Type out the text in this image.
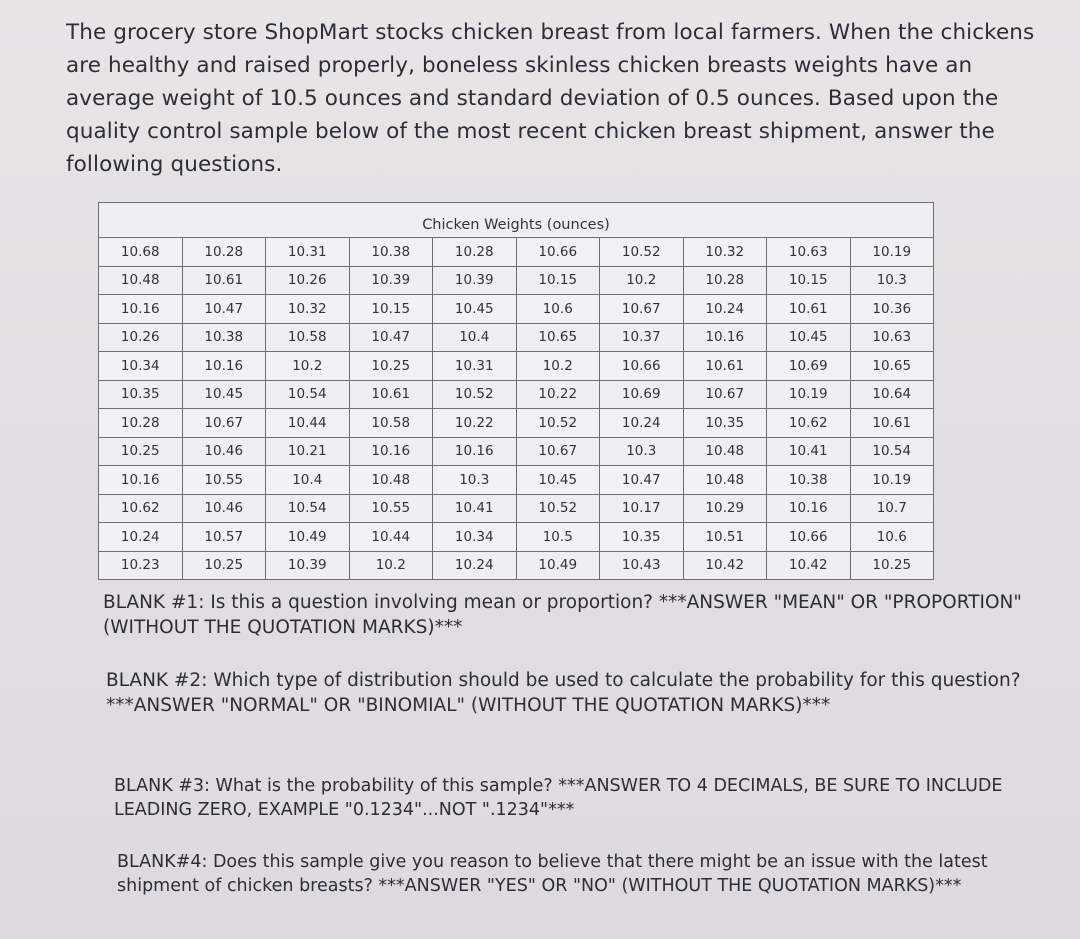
The grocery store ShopMart stocks chicken breast from local farmers. When the chickens are healthy and raised properly, boneless skinless chicken breasts weights have an average weight of 10.5 ounces and standard deviation of 0.5 ounces. Based upon the quality control sample below of the most recent chicken breast shipment, answer the following questions.

Chicken Weights (ounces)
10.68	10.28	10.31	10.38	10.28	10.66	10.52	10.32	10.63	10.19
10.48	10.61	10.26	10.39	10.39	10.15	10.2	10.28	10.15	10.3
10.16	10.47	10.32	10.15	10.45	10.6	10.67	10.24	10.61	10.36
10.26	10.38	10.58	10.47	10.4	10.65	10.37	10.16	10.45	10.63
10.34	10.16	10.2	10.25	10.31	10.2	10.66	10.61	10.69	10.65
10.35	10.45	10.54	10.61	10.52	10.22	10.69	10.67	10.19	10.64
10.28	10.67	10.44	10.58	10.22	10.52	10.24	10.35	10.62	10.61
10.25	10.46	10.21	10.16	10.16	10.67	10.3	10.48	10.41	10.54
10.16	10.55	10.4	10.48	10.3	10.45	10.47	10.48	10.38	10.19
10.62	10.46	10.54	10.55	10.41	10.52	10.17	10.29	10.16	10.7
10.24	10.57	10.49	10.44	10.34	10.5	10.35	10.51	10.66	10.6
10.23	10.25	10.39	10.2	10.24	10.49	10.43	10.42	10.42	10.25

BLANK #1: Is this a question involving mean or proportion? ***ANSWER "MEAN" OR "PROPORTION" (WITHOUT THE QUOTATION MARKS)***

BLANK #2: Which type of distribution should be used to calculate the probability for this question? ***ANSWER "NORMAL" OR "BINOMIAL" (WITHOUT THE QUOTATION MARKS)***

BLANK #3: What is the probability of this sample? ***ANSWER TO 4 DECIMALS, BE SURE TO INCLUDE LEADING ZERO, EXAMPLE "0.1234"...NOT ".1234"***

BLANK#4: Does this sample give you reason to believe that there might be an issue with the latest shipment of chicken breasts? ***ANSWER "YES" OR "NO" (WITHOUT THE QUOTATION MARKS)***
